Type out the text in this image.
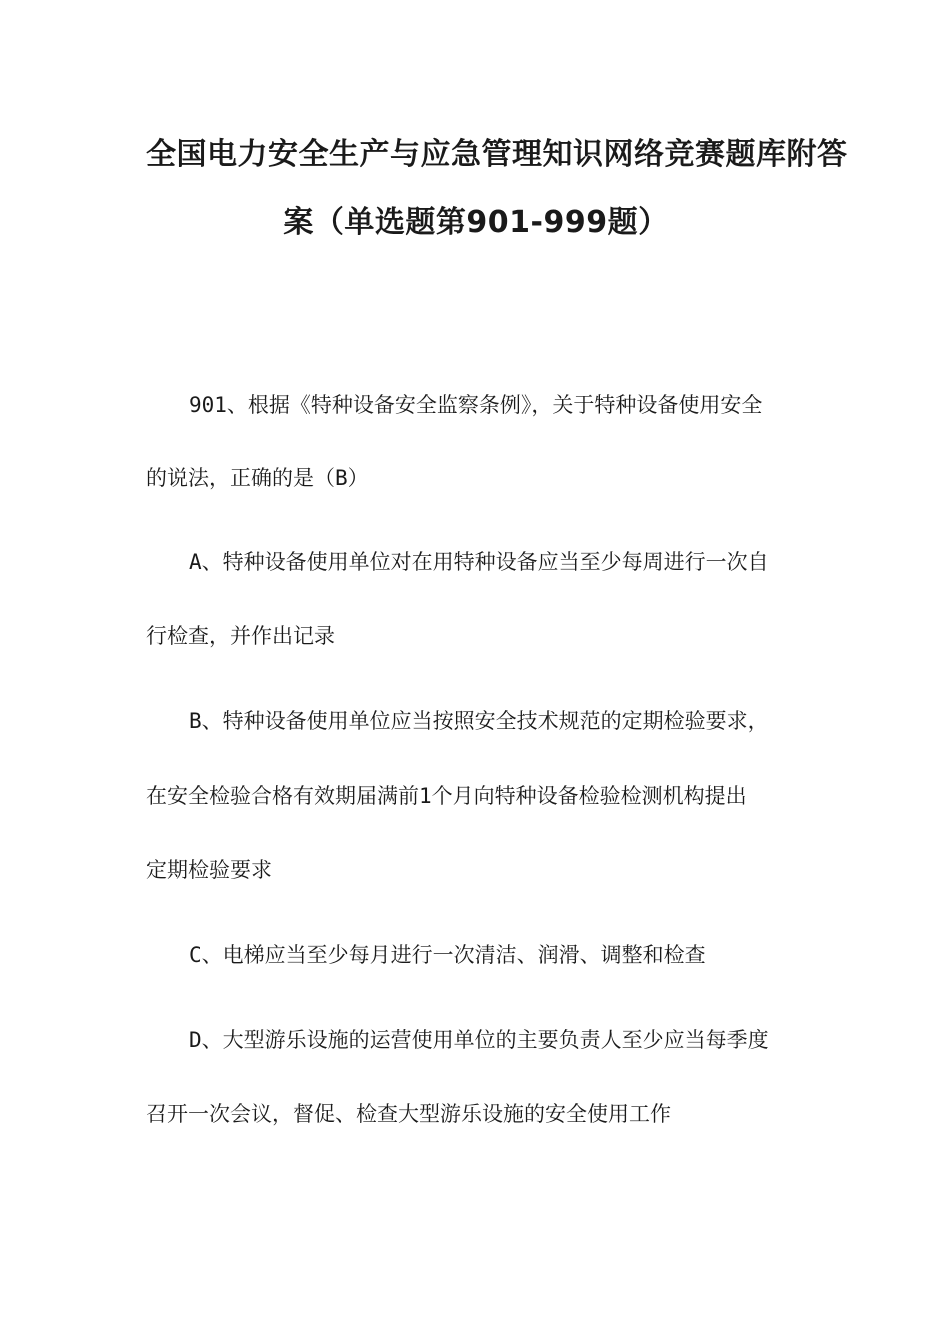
全国电力安全生产与应急管理知识网络竞赛题库附答
案（单选题第901-999题）

901、根据《特种设备安全监察条例》，关于特种设备使用安全

的说法，正确的是（B）

A、特种设备使用单位对在用特种设备应当至少每周进行一次自

行检查，并作出记录

B、特种设备使用单位应当按照安全技术规范的定期检验要求，

在安全检验合格有效期届满前1个月向特种设备检验检测机构提出

定期检验要求

C、电梯应当至少每月进行一次清洁、润滑、调整和检查

D、大型游乐设施的运营使用单位的主要负责人至少应当每季度

召开一次会议，督促、检查大型游乐设施的安全使用工作
